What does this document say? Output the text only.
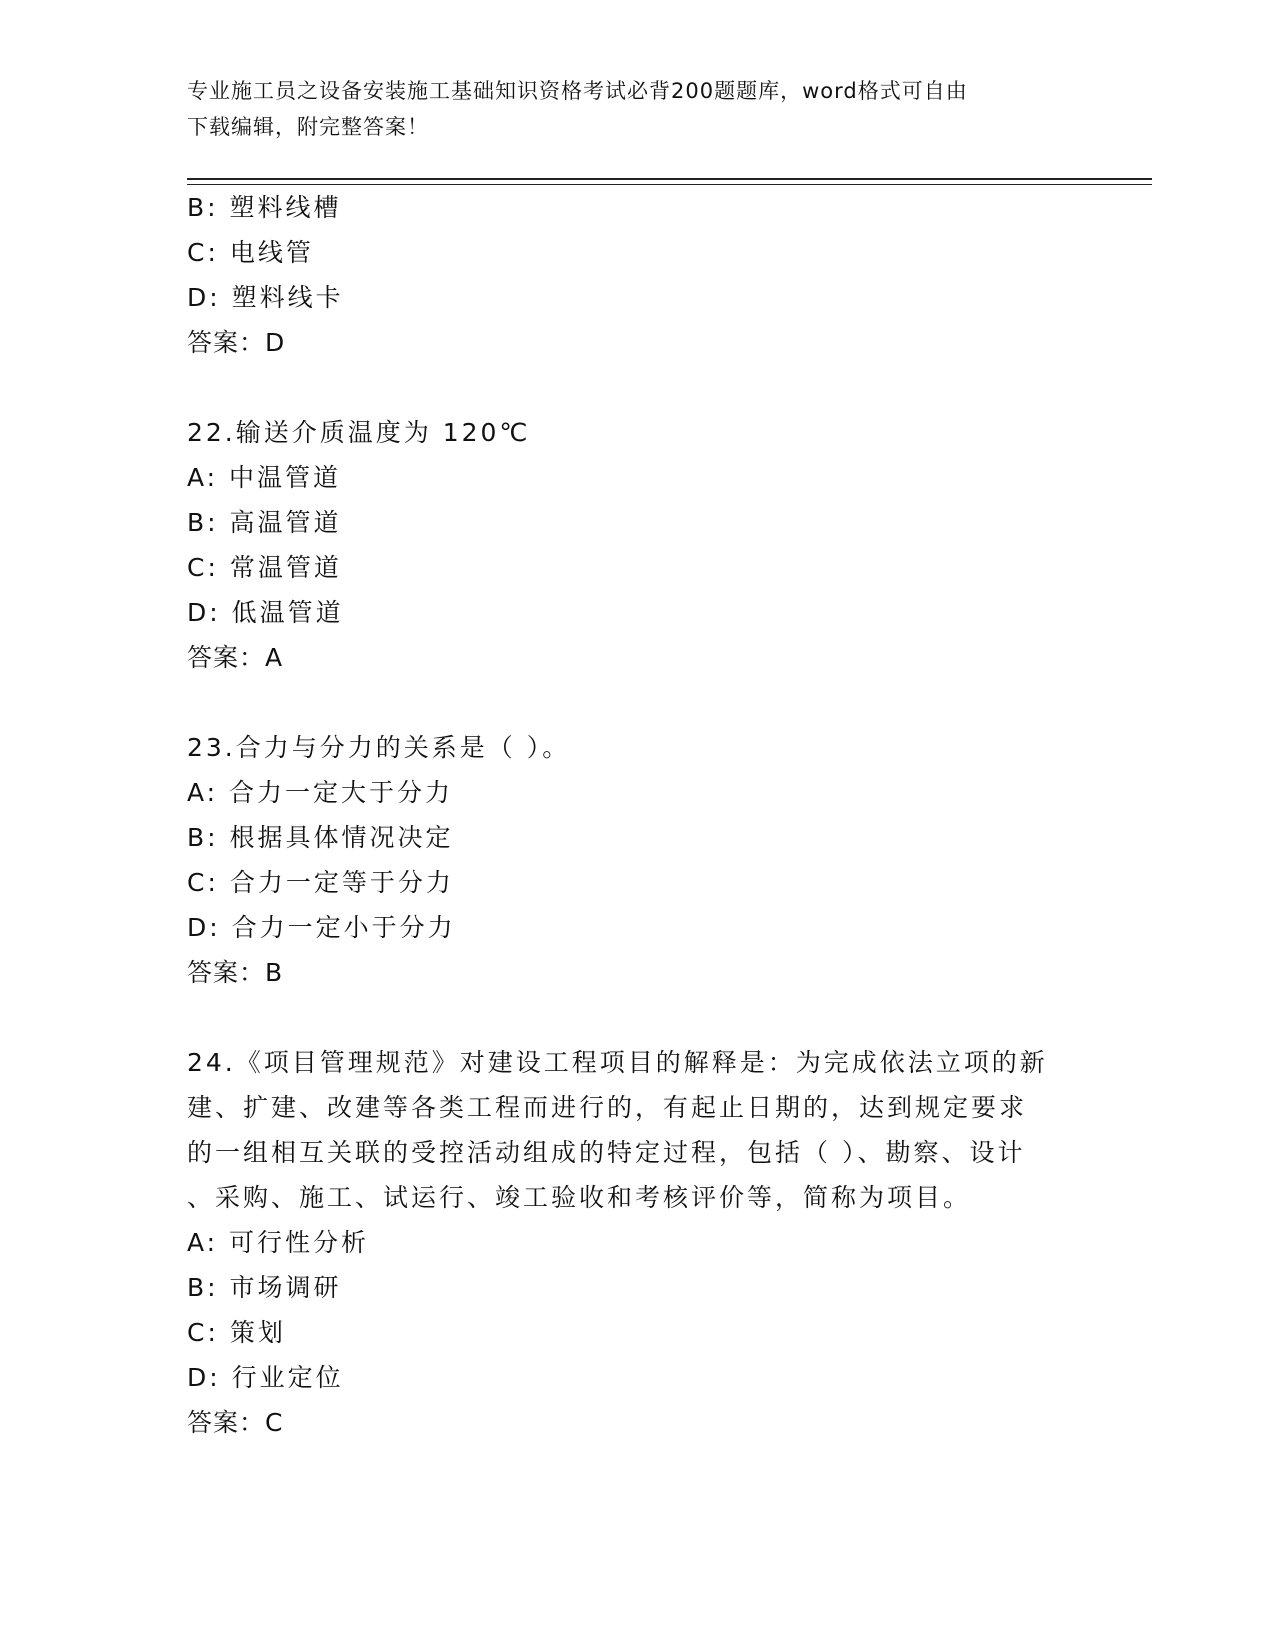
专业施工员之设备安装施工基础知识资格考试必背200题题库，word格式可自由
下载编辑，附完整答案！
B: 塑料线槽
C: 电线管
D: 塑料线卡
答案：D
22.输送介质温度为 120℃
A: 中温管道
B: 高温管道
C: 常温管道
D: 低温管道
答案：A
23.合力与分力的关系是（ ）。
A: 合力一定大于分力
B: 根据具体情况决定
C: 合力一定等于分力
D: 合力一定小于分力
答案：B
24.《项目管理规范》对建设工程项目的解释是：为完成依法立项的新
建、扩建、改建等各类工程而进行的，有起止日期的，达到规定要求
的一组相互关联的受控活动组成的特定过程，包括（ ）、勘察、设计
、采购、施工、试运行、竣工验收和考核评价等，简称为项目。
A: 可行性分析
B: 市场调研
C: 策划
D: 行业定位
答案：C
